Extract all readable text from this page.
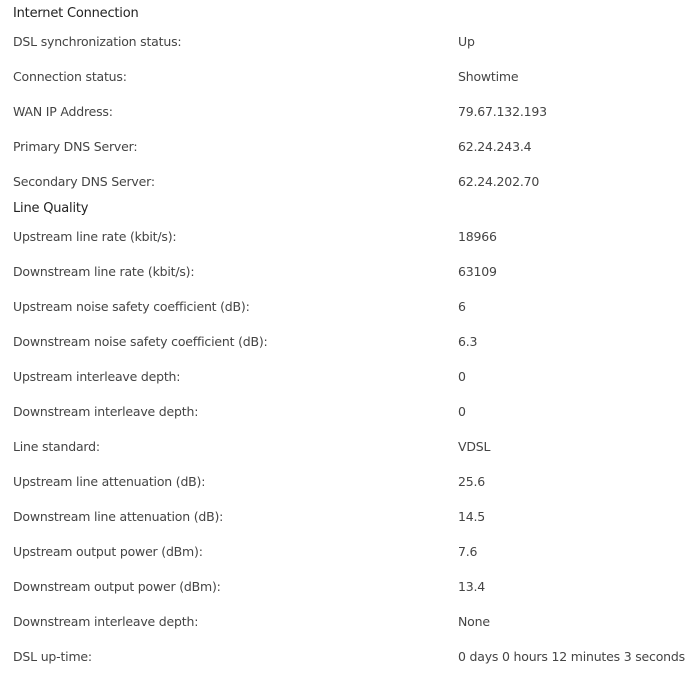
Internet Connection
DSL synchronization status:	Up
Connection status:	Showtime
WAN IP Address:	79.67.132.193
Primary DNS Server:	62.24.243.4
Secondary DNS Server:	62.24.202.70
Line Quality
Upstream line rate (kbit/s):	18966
Downstream line rate (kbit/s):	63109
Upstream noise safety coefficient (dB):	6
Downstream noise safety coefficient (dB):	6.3
Upstream interleave depth:	0
Downstream interleave depth:	0
Line standard:	VDSL
Upstream line attenuation (dB):	25.6
Downstream line attenuation (dB):	14.5
Upstream output power (dBm):	7.6
Downstream output power (dBm):	13.4
Downstream interleave depth:	None
DSL up-time:	0 days 0 hours 12 minutes 3 seconds
